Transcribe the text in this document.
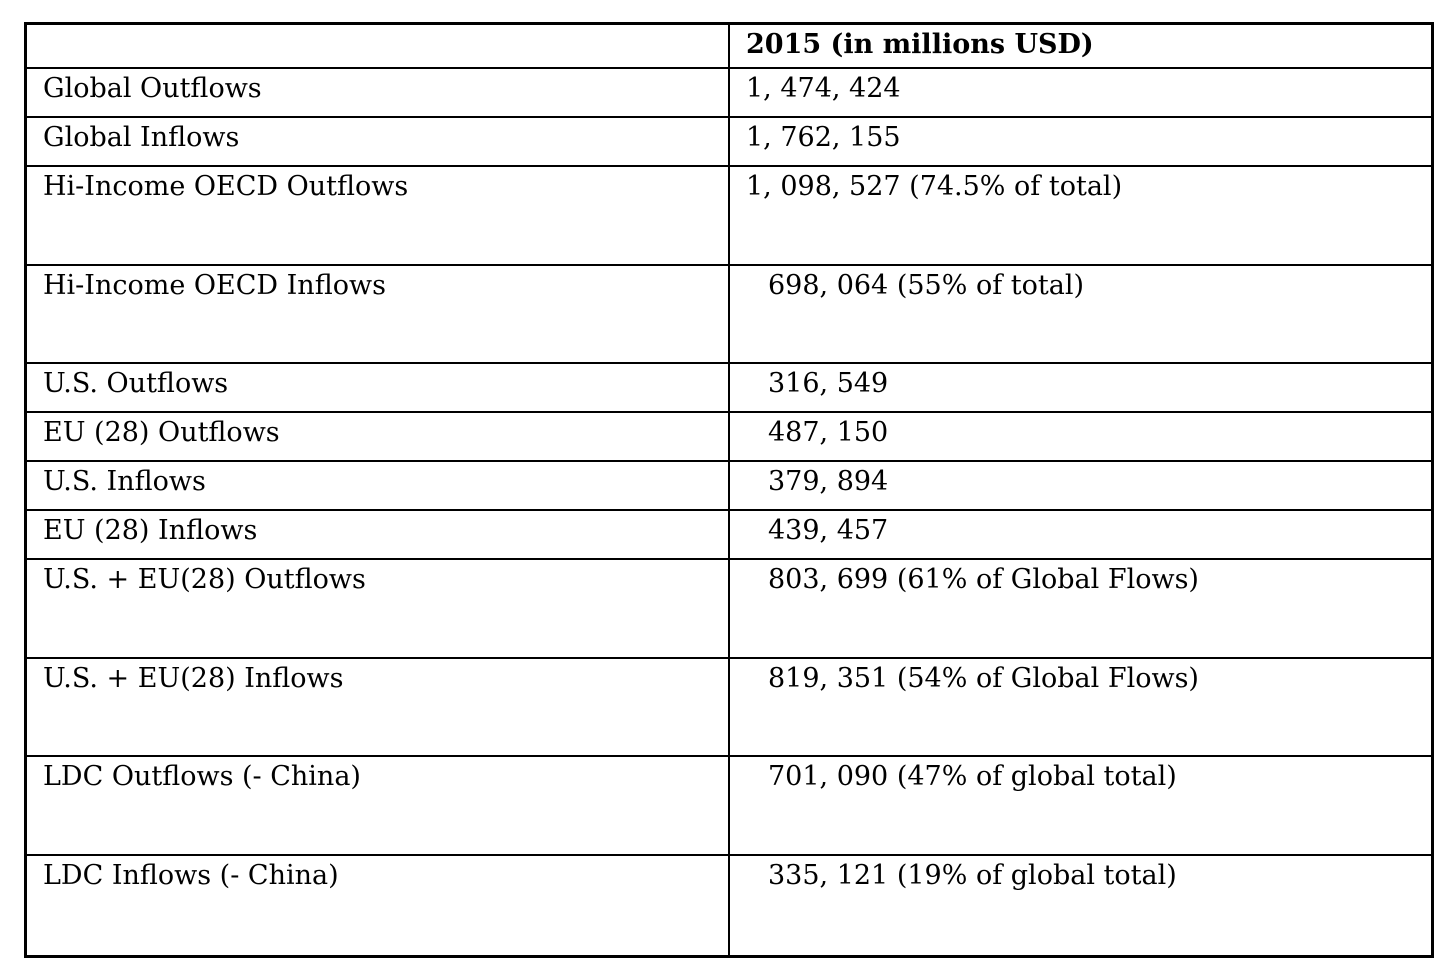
	2015 (in millions USD)

Global Outflows	1, 474, 424

Global Inflows	1, 762, 155

Hi-Income OECD Outflows	1, 098, 527 (74.5% of total)

Hi-Income OECD Inflows	698, 064 (55% of total)

U.S. Outflows	316, 549

EU (28) Outflows	487, 150

U.S. Inflows	379, 894

EU (28) Inflows	439, 457

U.S. + EU(28) Outflows	803, 699 (61% of Global Flows)

U.S. + EU(28) Inflows	819, 351 (54% of Global Flows)

LDC Outflows (- China)	701, 090 (47% of global total)

LDC Inflows (- China)	335, 121 (19% of global total)
